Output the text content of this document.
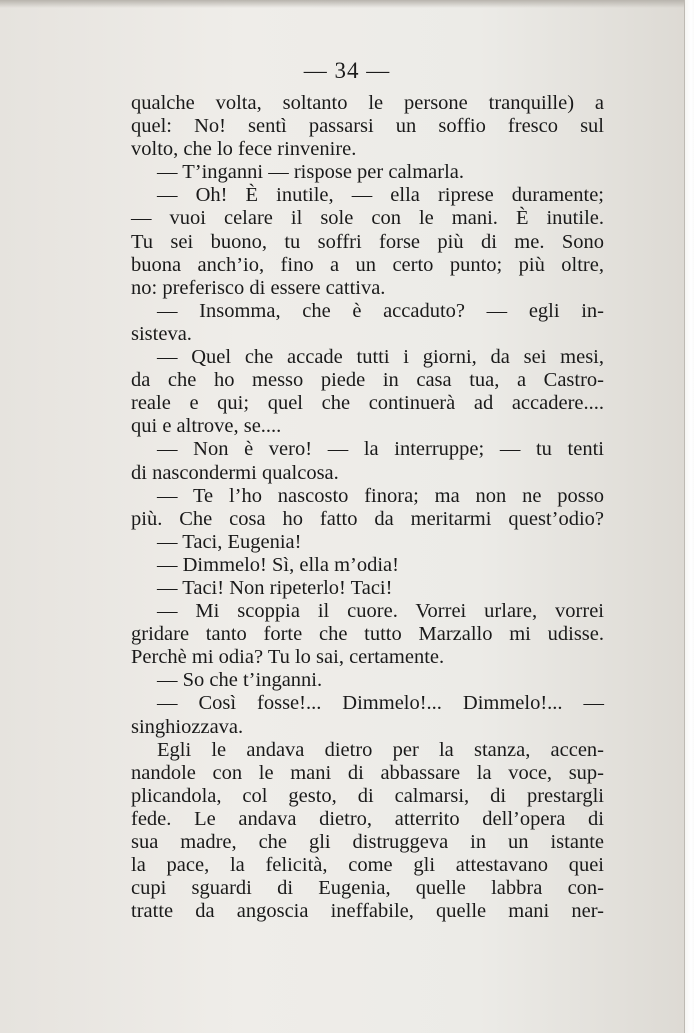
— 34 —
qualche volta, soltanto le persone tranquille) a
quel: No! sentì passarsi un soffio fresco sul
volto, che lo fece rinvenire.
— T’inganni — rispose per calmarla.
— Oh! È inutile, — ella riprese duramente;
— vuoi celare il sole con le mani. È inutile.
Tu sei buono, tu soffri forse più di me. Sono
buona anch’io, fino a un certo punto; più oltre,
no: preferisco di essere cattiva.
— Insomma, che è accaduto? — egli in-
sisteva.
— Quel che accade tutti i giorni, da sei mesi,
da che ho messo piede in casa tua, a Castro-
reale e qui; quel che continuerà ad accadere....
qui e altrove, se....
— Non è vero! — la interruppe; — tu tenti
di nascondermi qualcosa.
— Te l’ho nascosto finora; ma non ne posso
più. Che cosa ho fatto da meritarmi quest’odio?
— Taci, Eugenia!
— Dimmelo! Sì, ella m’odia!
— Taci! Non ripeterlo! Taci!
— Mi scoppia il cuore. Vorrei urlare, vorrei
gridare tanto forte che tutto Marzallo mi udisse.
Perchè mi odia? Tu lo sai, certamente.
— So che t’inganni.
— Così fosse!... Dimmelo!... Dimmelo!... —
singhiozzava.
Egli le andava dietro per la stanza, accen-
nandole con le mani di abbassare la voce, sup-
plicandola, col gesto, di calmarsi, di prestargli
fede. Le andava dietro, atterrito dell’opera di
sua madre, che gli distruggeva in un istante
la pace, la felicità, come gli attestavano quei
cupi sguardi di Eugenia, quelle labbra con-
tratte da angoscia ineffabile, quelle mani ner-
